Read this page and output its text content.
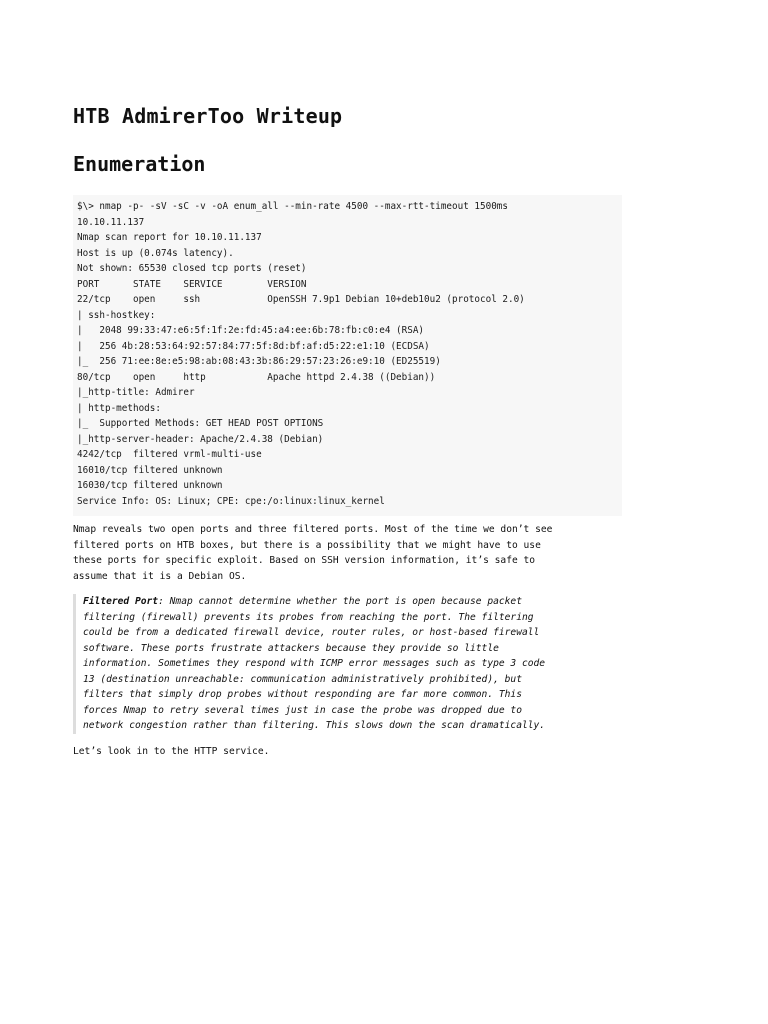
HTB AdmirerToo Writeup
Enumeration
$\> nmap -p- -sV -sC -v -oA enum_all --min-rate 4500 --max-rtt-timeout 1500ms
10.10.11.137
Nmap scan report for 10.10.11.137
Host is up (0.074s latency).
Not shown: 65530 closed tcp ports (reset)
PORT      STATE    SERVICE        VERSION
22/tcp    open     ssh            OpenSSH 7.9p1 Debian 10+deb10u2 (protocol 2.0)
| ssh-hostkey:
|   2048 99:33:47:e6:5f:1f:2e:fd:45:a4:ee:6b:78:fb:c0:e4 (RSA)
|   256 4b:28:53:64:92:57:84:77:5f:8d:bf:af:d5:22:e1:10 (ECDSA)
|_  256 71:ee:8e:e5:98:ab:08:43:3b:86:29:57:23:26:e9:10 (ED25519)
80/tcp    open     http           Apache httpd 2.4.38 ((Debian))
|_http-title: Admirer
| http-methods:
|_  Supported Methods: GET HEAD POST OPTIONS
|_http-server-header: Apache/2.4.38 (Debian)
4242/tcp  filtered vrml-multi-use
16010/tcp filtered unknown
16030/tcp filtered unknown
Service Info: OS: Linux; CPE: cpe:/o:linux:linux_kernel

Nmap reveals two open ports and three filtered ports. Most of the time we don’t see
filtered ports on HTB boxes, but there is a possibility that we might have to use
these ports for specific exploit. Based on SSH version information, it’s safe to
assume that it is a Debian OS.

Filtered Port: Nmap cannot determine whether the port is open because packet
filtering (firewall) prevents its probes from reaching the port. The filtering
could be from a dedicated firewall device, router rules, or host-based firewall
software. These ports frustrate attackers because they provide so little
information. Sometimes they respond with ICMP error messages such as type 3 code
13 (destination unreachable: communication administratively prohibited), but
filters that simply drop probes without responding are far more common. This
forces Nmap to retry several times just in case the probe was dropped due to
network congestion rather than filtering. This slows down the scan dramatically.

Let’s look in to the HTTP service.
